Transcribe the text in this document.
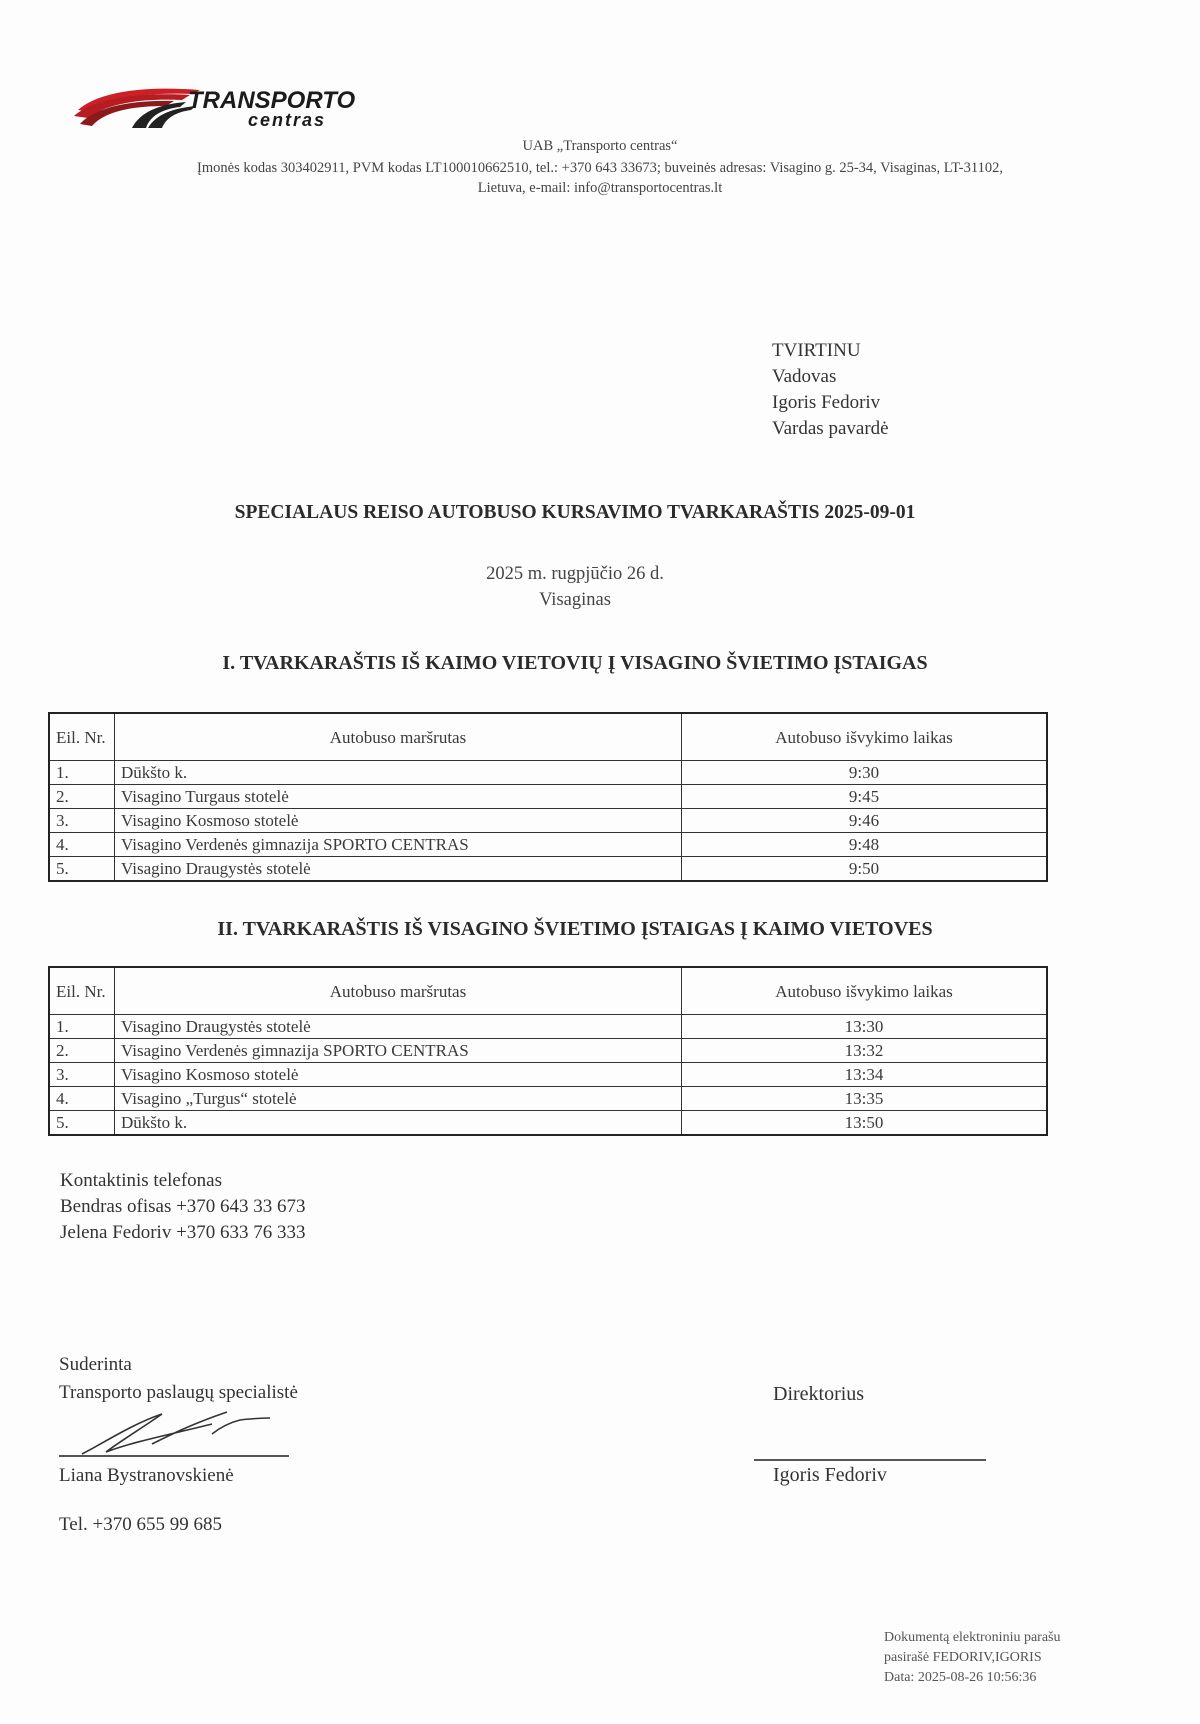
TRANSPORTO
centras
UAB „Transporto centras“
Įmonės kodas 303402911, PVM kodas LT100010662510, tel.: +370 643 33673; buveinės adresas: Visagino g. 25-34, Visaginas, LT-31102,
Lietuva, e-mail: info@transportocentras.lt
TVIRTINU
Vadovas
Igoris Fedoriv
Vardas pavardė
SPECIALAUS REISO AUTOBUSO KURSAVIMO TVARKARAŠTIS 2025-09-01
2025 m. rugpjūčio 26 d.
Visaginas
I. TVARKARAŠTIS IŠ KAIMO VIETOVIŲ Į VISAGINO ŠVIETIMO ĮSTAIGAS
Eil. Nr.	Autobuso maršrutas	Autobuso išvykimo laikas
1.	Dūkšto k.	9:30
2.	Visagino Turgaus stotelė	9:45
3.	Visagino Kosmoso stotelė	9:46
4.	Visagino Verdenės gimnazija SPORTO CENTRAS	9:48
5.	Visagino Draugystės stotelė	9:50
II. TVARKARAŠTIS IŠ VISAGINO ŠVIETIMO ĮSTAIGAS Į KAIMO VIETOVES
Eil. Nr.	Autobuso maršrutas	Autobuso išvykimo laikas
1.	Visagino Draugystės stotelė	13:30
2.	Visagino Verdenės gimnazija SPORTO CENTRAS	13:32
3.	Visagino Kosmoso stotelė	13:34
4.	Visagino „Turgus“ stotelė	13:35
5.	Dūkšto k.	13:50
Kontaktinis telefonas
Bendras ofisas +370 643 33 673
Jelena Fedoriv +370 633 76 333
Suderinta
Transporto paslaugų specialistė
Liana Bystranovskienė
Tel. +370 655 99 685
Direktorius
Igoris Fedoriv
Dokumentą elektroniniu parašu
pasirašė FEDORIV,IGORIS
Data: 2025-08-26 10:56:36
